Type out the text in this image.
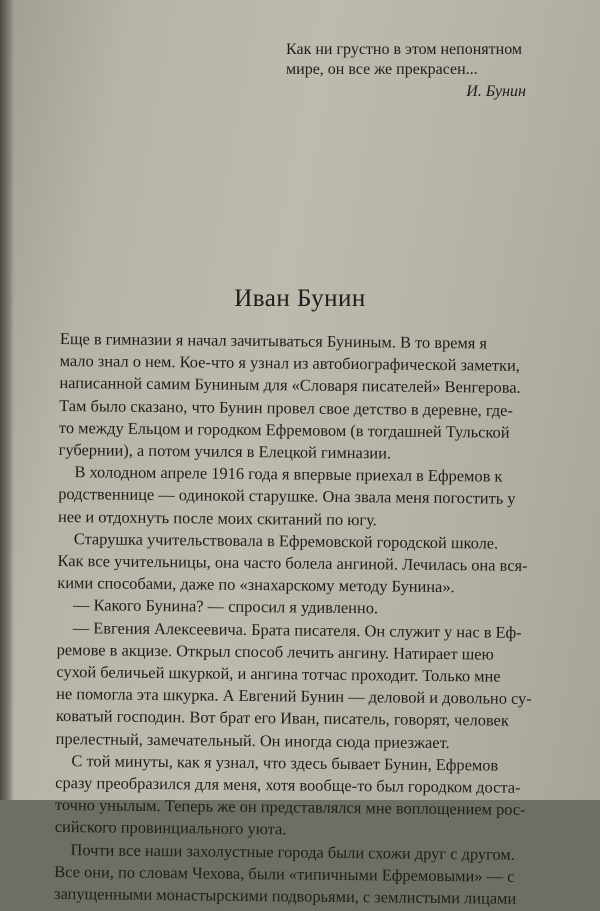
Как ни грустно в этом непонятном
мире, он все же прекрасен...
И. Бунин
Иван Бунин
Еще в гимназии я начал зачитываться Буниным. В то время я
мало знал о нем. Кое-что я узнал из автобиографической заметки,
написанной самим Буниным для «Словаря писателей» Венгерова.
Там было сказано, что Бунин провел свое детство в деревне, где-
то между Ельцом и городком Ефремовом (в тогдашней Тульской
губернии), а потом учился в Елецкой гимназии.
В холодном апреле 1916 года я впервые приехал в Ефремов к
родственнице — одинокой старушке. Она звала меня погостить у
нее и отдохнуть после моих скитаний по югу.
Старушка учительствовала в Ефремовской городской школе.
Как все учительницы, она часто болела ангиной. Лечилась она вся-
кими способами, даже по «знахарскому методу Бунина».
— Какого Бунина? — спросил я удивленно.
— Евгения Алексеевича. Брата писателя. Он служит у нас в Еф-
ремове в акцизе. Открыл способ лечить ангину. Натирает шею
сухой беличьей шкуркой, и ангина тотчас проходит. Только мне
не помогла эта шкурка. А Евгений Бунин — деловой и довольно су-
коватый господин. Вот брат его Иван, писатель, говорят, человек
прелестный, замечательный. Он иногда сюда приезжает.
С той минуты, как я узнал, что здесь бывает Бунин, Ефремов
сразу преобразился для меня, хотя вообще-то был городком доста-
точно унылым. Теперь же он представлялся мне воплощением рос-
сийского провинциального уюта.
Почти все наши захолустные города были схожи друг с другом.
Все они, по словам Чехова, были «типичными Ефремовыми» — с
запущенными монастырскими подворьями, с землистыми лицами
